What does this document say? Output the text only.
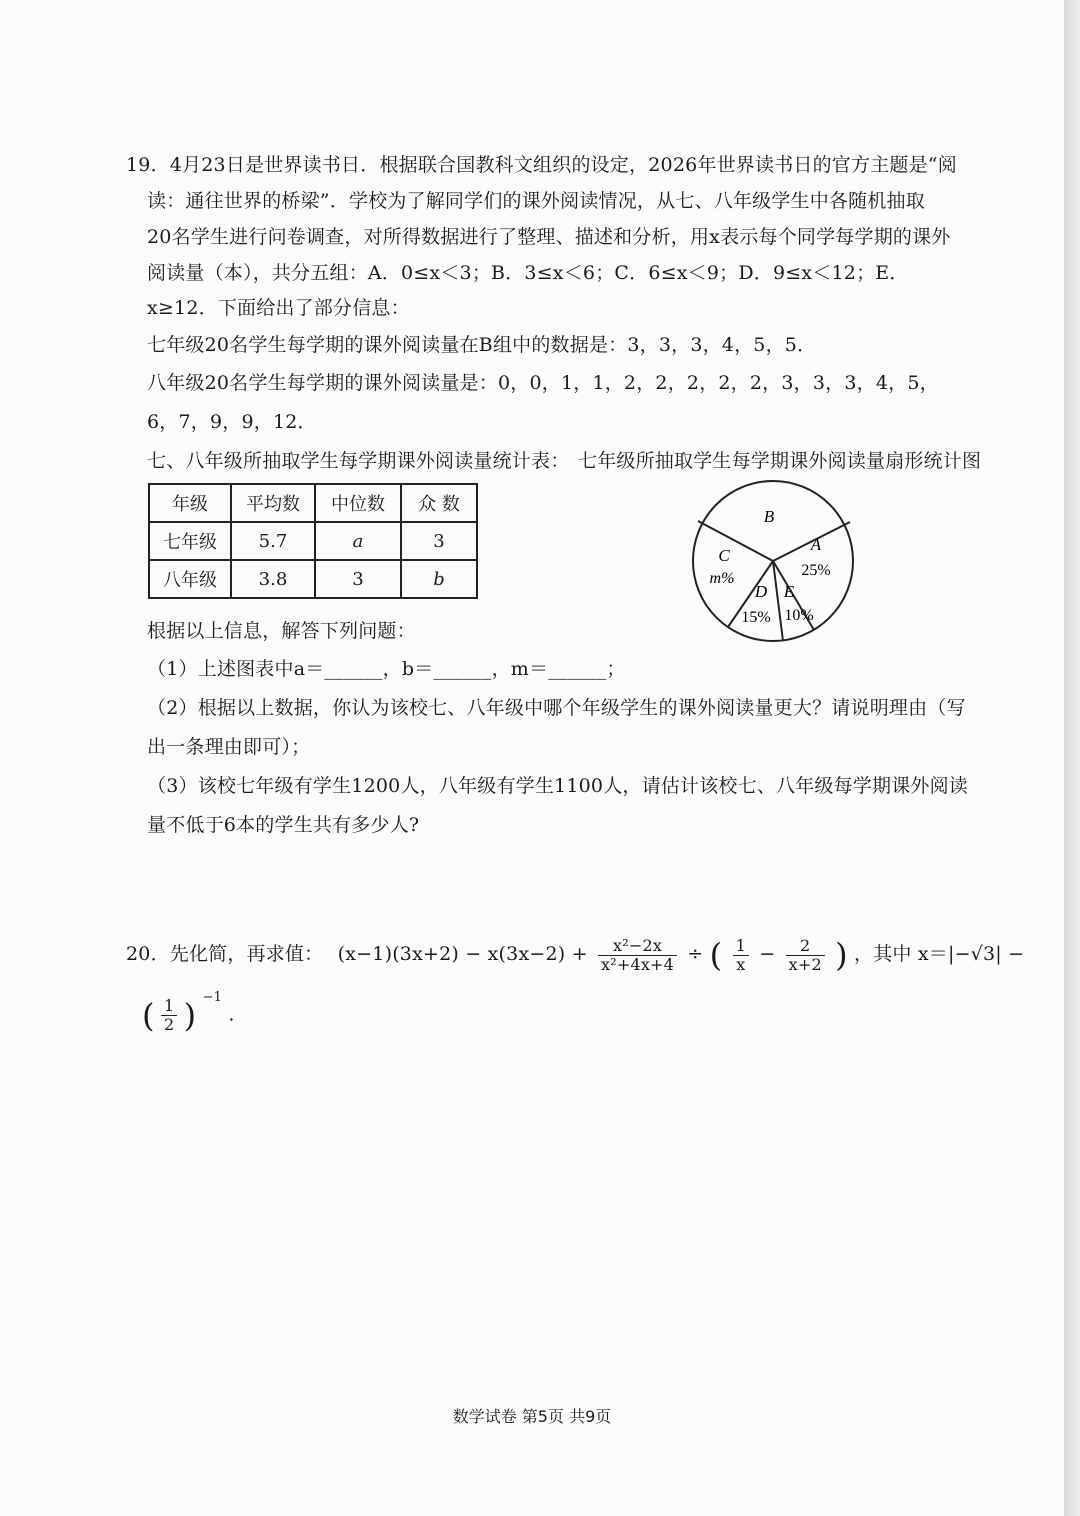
19．4月23日是世界读书日．根据联合国教科文组织的设定，2026年世界读书日的官方主题是“阅
读：通往世界的桥梁”．学校为了解同学们的课外阅读情况，从七、八年级学生中各随机抽取
20名学生进行问卷调查，对所得数据进行了整理、描述和分析，用x表示每个同学每学期的课外
阅读量（本），共分五组：A．0≤x＜3；B．3≤x＜6；C．6≤x＜9；D．9≤x＜12；E．
x≥12．下面给出了部分信息：
七年级20名学生每学期的课外阅读量在B组中的数据是：3，3，3，4，5，5．
八年级20名学生每学期的课外阅读量是：0，0，1，1，2，2，2，2，2，3，3，3，4，5，
6，7，9，9，12．
七、八年级所抽取学生每学期课外阅读量统计表： 七年级所抽取学生每学期课外阅读量扇形统计图
年级	平均数	中位数	众 数
七年级	5.7	a	3
八年级	3.8	3	b
B
A
25%
C
m%
D
15%
E
10%
根据以上信息，解答下列问题：
（1）上述图表中a＝______，b＝______，m＝______；
（2）根据以上数据，你认为该校七、八年级中哪个年级学生的课外阅读量更大？请说明理由（写
出一条理由即可）；
（3）该校七年级有学生1200人，八年级有学生1100人，请估计该校七、八年级每学期课外阅读
量不低于6本的学生共有多少人?
20．先化简，再求值： $(x-1)(3x+2) - x(3x-2) + \frac{\text{x²−2x}}{\text{x²+4x+4}}$ ÷ ( $\frac{1}{x} - \frac{2}{x+2}$ ) ，其中 x＝|−√3| −
( $\frac{1}{2}$ ) $^{-1}$ .
数学试卷 第5页 共9页
